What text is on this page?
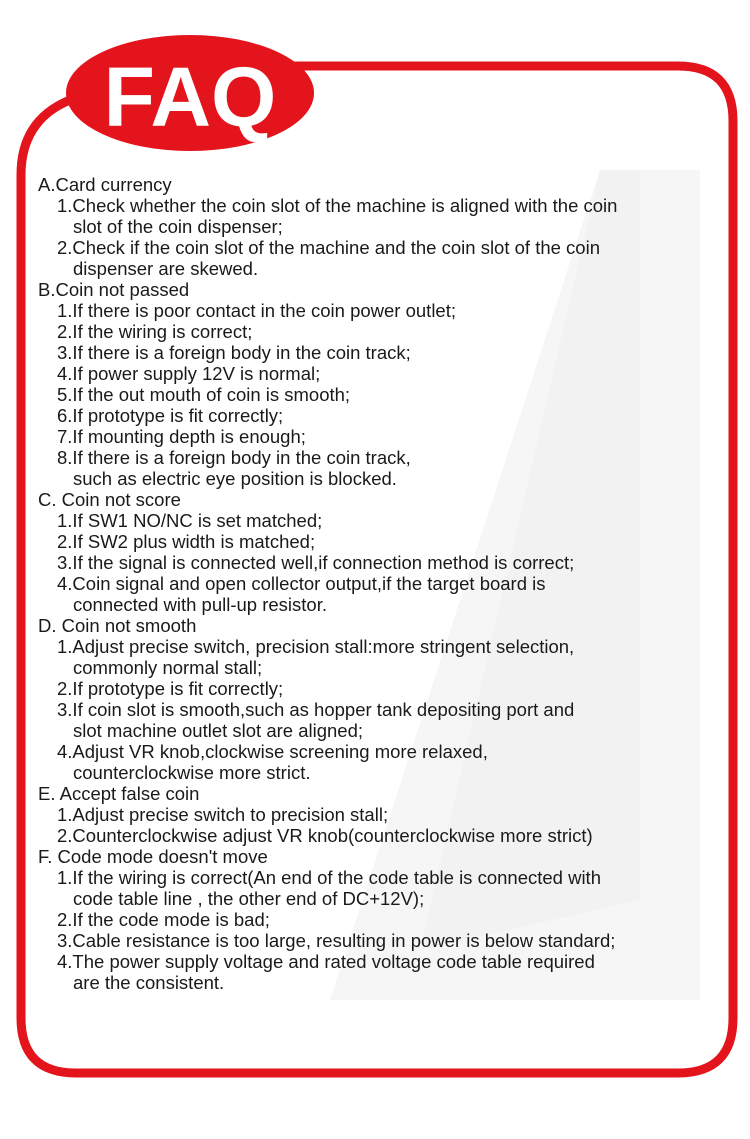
FAQ
A.Card currency
1.Check whether the coin slot of the machine is aligned with the coin
slot of the coin dispenser;
2.Check if the coin slot of the machine and the coin slot of the coin
dispenser are skewed.
B.Coin not passed
1.If there is poor contact in the coin power outlet;
2.If the wiring is correct;
3.If there is a foreign body in the coin track;
4.If power supply 12V is normal;
5.If the out mouth of coin is smooth;
6.If prototype is fit correctly;
7.If mounting depth is enough;
8.If there is a foreign body in the coin track,
such as electric eye position is blocked.
C. Coin not score
1.If SW1 NO/NC is set matched;
2.If SW2 plus width is matched;
3.If the signal is connected well,if connection method is correct;
4.Coin signal and open collector output,if the target board is
connected with pull-up resistor.
D. Coin not smooth
1.Adjust precise switch, precision stall:more stringent selection,
commonly normal stall;
2.If prototype is fit correctly;
3.If coin slot is smooth,such as hopper tank depositing port and
slot machine outlet slot are aligned;
4.Adjust VR knob,clockwise screening more relaxed,
counterclockwise more strict.
E. Accept false coin
1.Adjust precise switch to precision stall;
2.Counterclockwise adjust VR knob(counterclockwise more strict)
F. Code mode doesn't move
1.If the wiring is correct(An end of the code table is connected with
code table line , the other end of DC+12V);
2.If the code mode is bad;
3.Cable resistance is too large, resulting in power is below standard;
4.The power supply voltage and rated voltage code table required
are the consistent.
